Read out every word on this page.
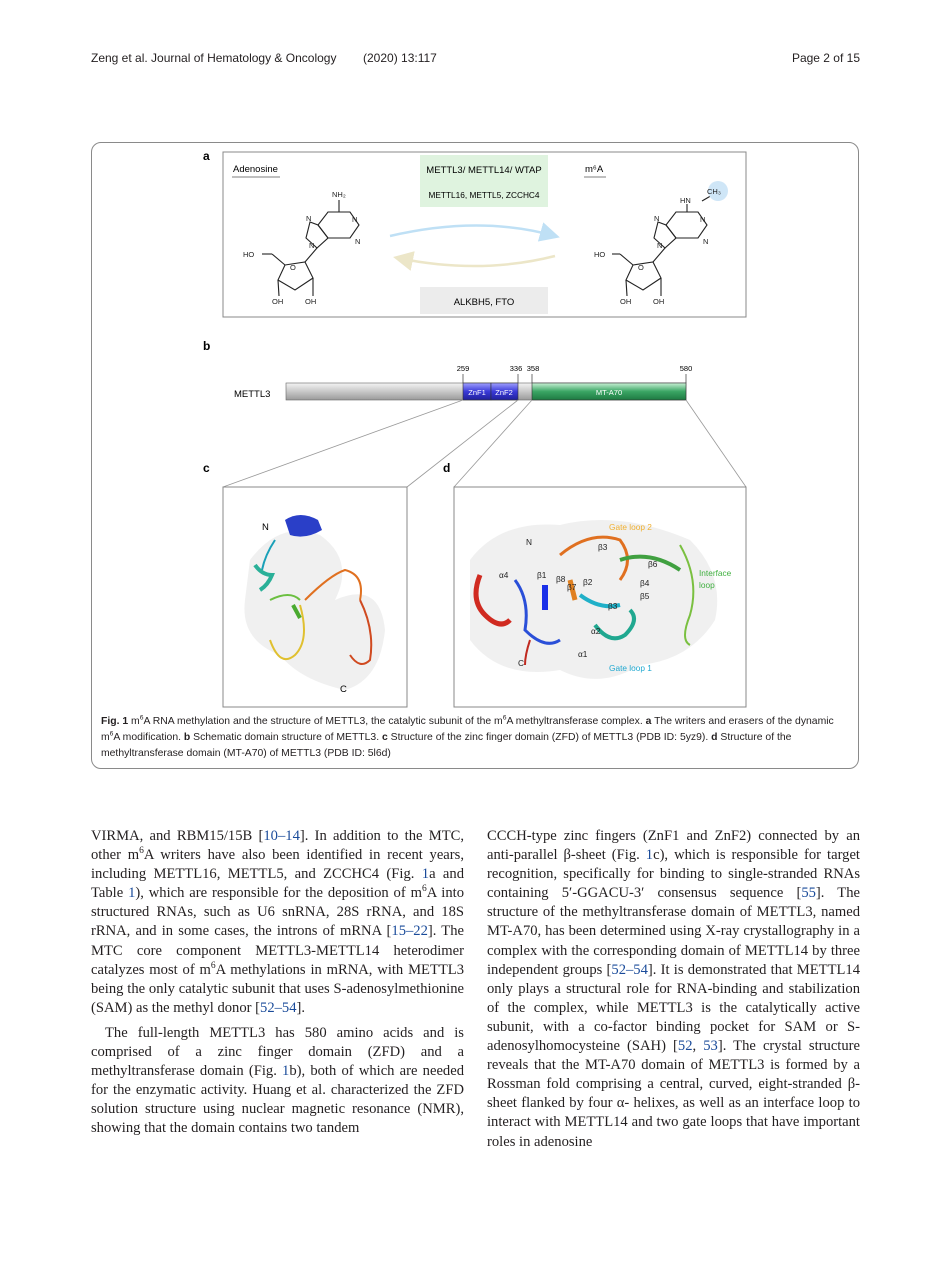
Zeng et al. Journal of Hematology & Oncology (2020) 13:117	Page 2 of 15
a
Adenosine	m⁶A
METTL3/ METTL14/ WTAP
METTL16, METTL5, ZCCHC4
ALKBH5, FTO
NH₂
N
N
N
N
HO
O
OH	OH
HN
CH₃
N
N
N
N
HO
O
OH	OH
b
METTL3	ZnF1 ZnF2	MT-A70
259	336 358	580
c
N
C
d
N
C
Gate loop 2
Gate loop 1
Interface
loop
β1 β8
β7 β2
β3
β3
β4
β5
β6
α1
α2
α4
Fig. 1 $m^6A$ RNA methylation and the structure of METTL3, the catalytic subunit of the $m^6A$ methyltransferase complex. a The writers and erasers of the dynamic $m^6A$ modification. b Schematic domain structure of METTL3. c Structure of the zinc finger domain (ZFD) of METTL3 (PDB ID: 5yz9). d Structure of the methyltransferase domain (MT-A70) of METTL3 (PDB ID: 5l6d)

VIRMA, and RBM15/15B [10–14]. In addition to the MTC, other $m^6A$ writers have also been identified in recent years, including METTL16, METTL5, and ZCCHC4 (Fig. 1a and Table 1), which are responsible for the deposition of $m^6A$ into structured RNAs, such as U6 snRNA, 28S rRNA, and 18S rRNA, and in some cases, the introns of mRNA [15–22]. The MTC core component METTL3-METTL14 heterodimer catalyzes most of $m^6A$ methylations in mRNA, with METTL3 being the only catalytic subunit that uses S-adenosylmethionine (SAM) as the methyl donor [52–54].

The full-length METTL3 has 580 amino acids and is comprised of a zinc finger domain (ZFD) and a methyltransferase domain (Fig. 1b), both of which are needed for the enzymatic activity. Huang et al. characterized the ZFD solution structure using nuclear magnetic resonance (NMR), showing that the domain contains two tandem

CCCH-type zinc fingers (ZnF1 and ZnF2) connected by an anti-parallel β-sheet (Fig. 1c), which is responsible for target recognition, specifically for binding to single-stranded RNAs containing 5′-GGACU-3′ consensus sequence [55]. The structure of the methyltransferase domain of METTL3, named MT-A70, has been determined using X-ray crystallography in a complex with the corresponding domain of METTL14 by three independent groups [52–54]. It is demonstrated that METTL14 only plays a structural role for RNA-binding and stabilization of the complex, while METTL3 is the catalytically active subunit, with a co-factor binding pocket for SAM or S-adenosylhomocysteine (SAH) [52, 53]. The crystal structure reveals that the MT-A70 domain of METTL3 is formed by a Rossman fold comprising a central, curved, eight-stranded β-sheet flanked by four α- helixes, as well as an interface loop to interact with METTL14 and two gate loops that have important roles in adenosine
